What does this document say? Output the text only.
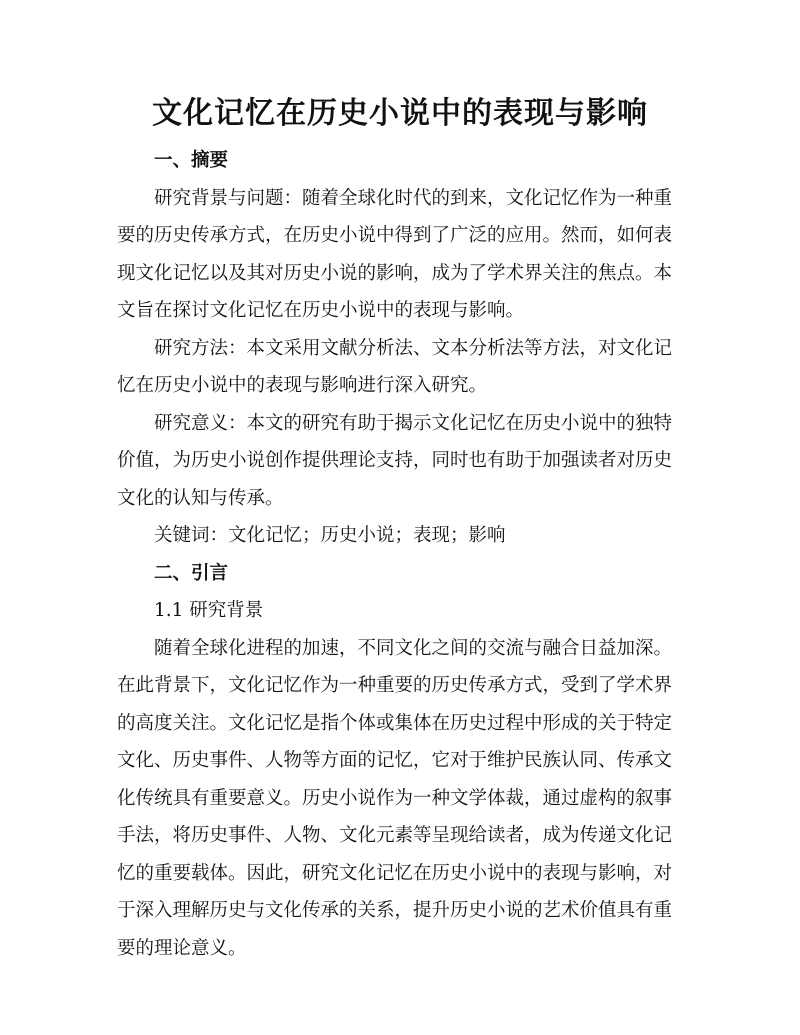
文化记忆在历史小说中的表现与影响

一、摘要

研究背景与问题：随着全球化时代的到来，文化记忆作为一种重要的历史传承方式，在历史小说中得到了广泛的应用。然而，如何表现文化记忆以及其对历史小说的影响，成为了学术界关注的焦点。本文旨在探讨文化记忆在历史小说中的表现与影响。

研究方法：本文采用文献分析法、文本分析法等方法，对文化记忆在历史小说中的表现与影响进行深入研究。

研究意义：本文的研究有助于揭示文化记忆在历史小说中的独特价值，为历史小说创作提供理论支持，同时也有助于加强读者对历史文化的认知与传承。

关键词：文化记忆；历史小说；表现；影响

二、引言

1.1 研究背景

随着全球化进程的加速，不同文化之间的交流与融合日益加深。在此背景下，文化记忆作为一种重要的历史传承方式，受到了学术界的高度关注。文化记忆是指个体或集体在历史过程中形成的关于特定文化、历史事件、人物等方面的记忆，它对于维护民族认同、传承文化传统具有重要意义。历史小说作为一种文学体裁，通过虚构的叙事手法，将历史事件、人物、文化元素等呈现给读者，成为传递文化记忆的重要载体。因此，研究文化记忆在历史小说中的表现与影响，对于深入理解历史与文化传承的关系，提升历史小说的艺术价值具有重要的理论意义。
